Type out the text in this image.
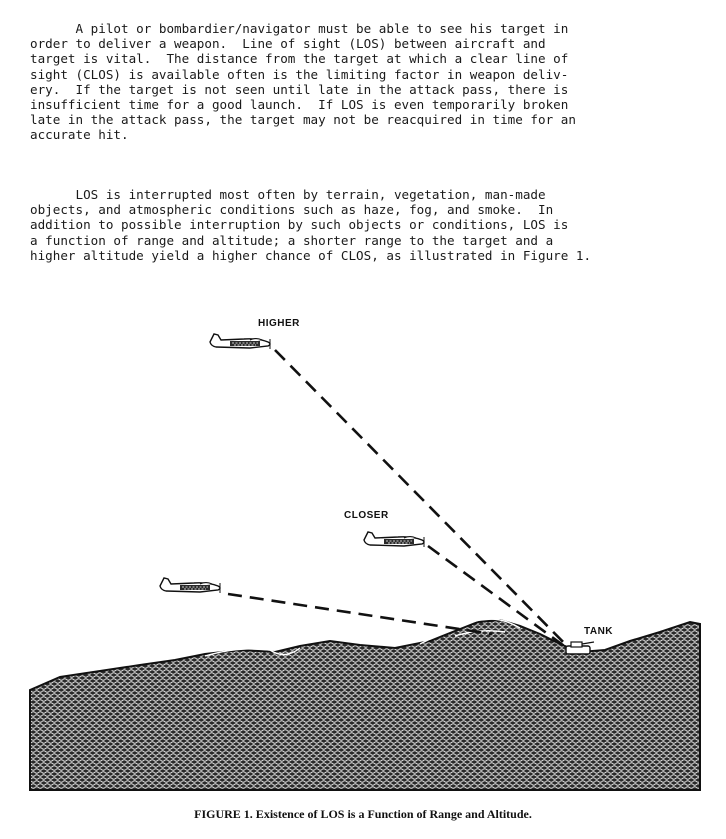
A pilot or bombardier/navigator must be able to see his target in
order to deliver a weapon.  Line of sight (LOS) between aircraft and
target is vital.  The distance from the target at which a clear line of
sight (CLOS) is available often is the limiting factor in weapon deliv-
ery.  If the target is not seen until late in the attack pass, there is
insufficient time for a good launch.  If LOS is even temporarily broken
late in the attack pass, the target may not be reacquired in time for an
accurate hit.
LOS is interrupted most often by terrain, vegetation, man-made
objects, and atmospheric conditions such as haze, fog, and smoke.  In
addition to possible interruption by such objects or conditions, LOS is
a function of range and altitude; a shorter range to the target and a
higher altitude yield a higher chance of CLOS, as illustrated in Figure 1.
HIGHER
CLOSER
TANK
FIGURE 1. Existence of LOS is a Function of Range and Altitude.
